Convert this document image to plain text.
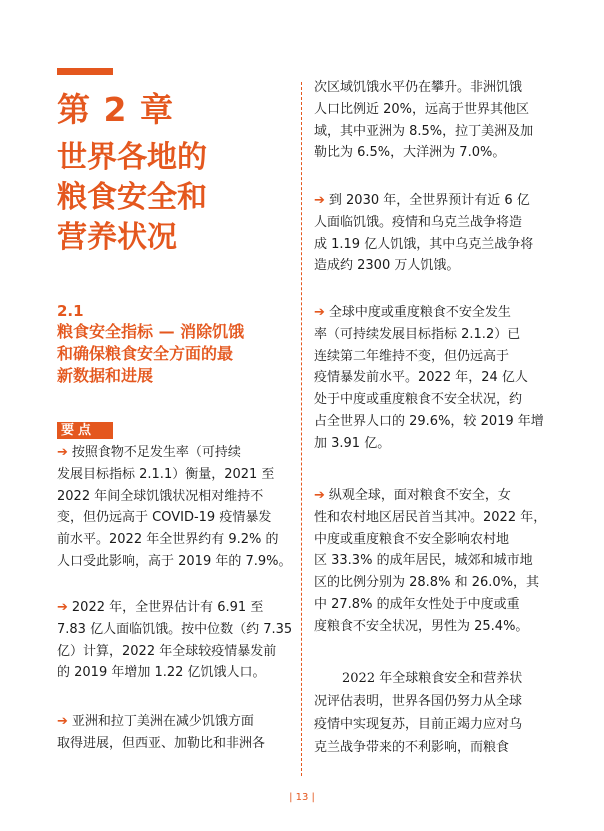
第 2 章
世界各地的
粮食安全和
营养状况
2.1
粮食安全指标 — 消除饥饿
和确保粮食安全方面的最
新数据和进展
要点
➔ 按照食物不足发生率（可持续
发展目标指标 2.1.1）衡量，2021 至
2022 年间全球饥饿状况相对维持不
变，但仍远高于 COVID-19 疫情暴发
前水平。2022 年全世界约有 9.2% 的
人口受此影响，高于 2019 年的 7.9%。
➔ 2022 年，全世界估计有 6.91 至
7.83 亿人面临饥饿。按中位数（约 7.35
亿）计算，2022 年全球较疫情暴发前
的 2019 年增加 1.22 亿饥饿人口。
➔ 亚洲和拉丁美洲在减少饥饿方面
取得进展，但西亚、加勒比和非洲各
次区域饥饿水平仍在攀升。非洲饥饿
人口比例近 20%，远高于世界其他区
域，其中亚洲为 8.5%，拉丁美洲及加
勒比为 6.5%，大洋洲为 7.0%。
➔ 到 2030 年，全世界预计有近 6 亿
人面临饥饿。疫情和乌克兰战争将造
成 1.19 亿人饥饿，其中乌克兰战争将
造成约 2300 万人饥饿。
➔ 全球中度或重度粮食不安全发生
率（可持续发展目标指标 2.1.2）已
连续第二年维持不变，但仍远高于
疫情暴发前水平。2022 年，24 亿人
处于中度或重度粮食不安全状况，约
占全世界人口的 29.6%，较 2019 年增
加 3.91 亿。
➔ 纵观全球，面对粮食不安全，女
性和农村地区居民首当其冲。2022 年，
中度或重度粮食不安全影响农村地
区 33.3% 的成年居民，城郊和城市地
区的比例分别为 28.8% 和 26.0%，其
中 27.8% 的成年女性处于中度或重
度粮食不安全状况，男性为 25.4%。
2022 年全球粮食安全和营养状
况评估表明，世界各国仍努力从全球
疫情中实现复苏，目前正竭力应对乌
克兰战争带来的不利影响，而粮食
| 13 |
